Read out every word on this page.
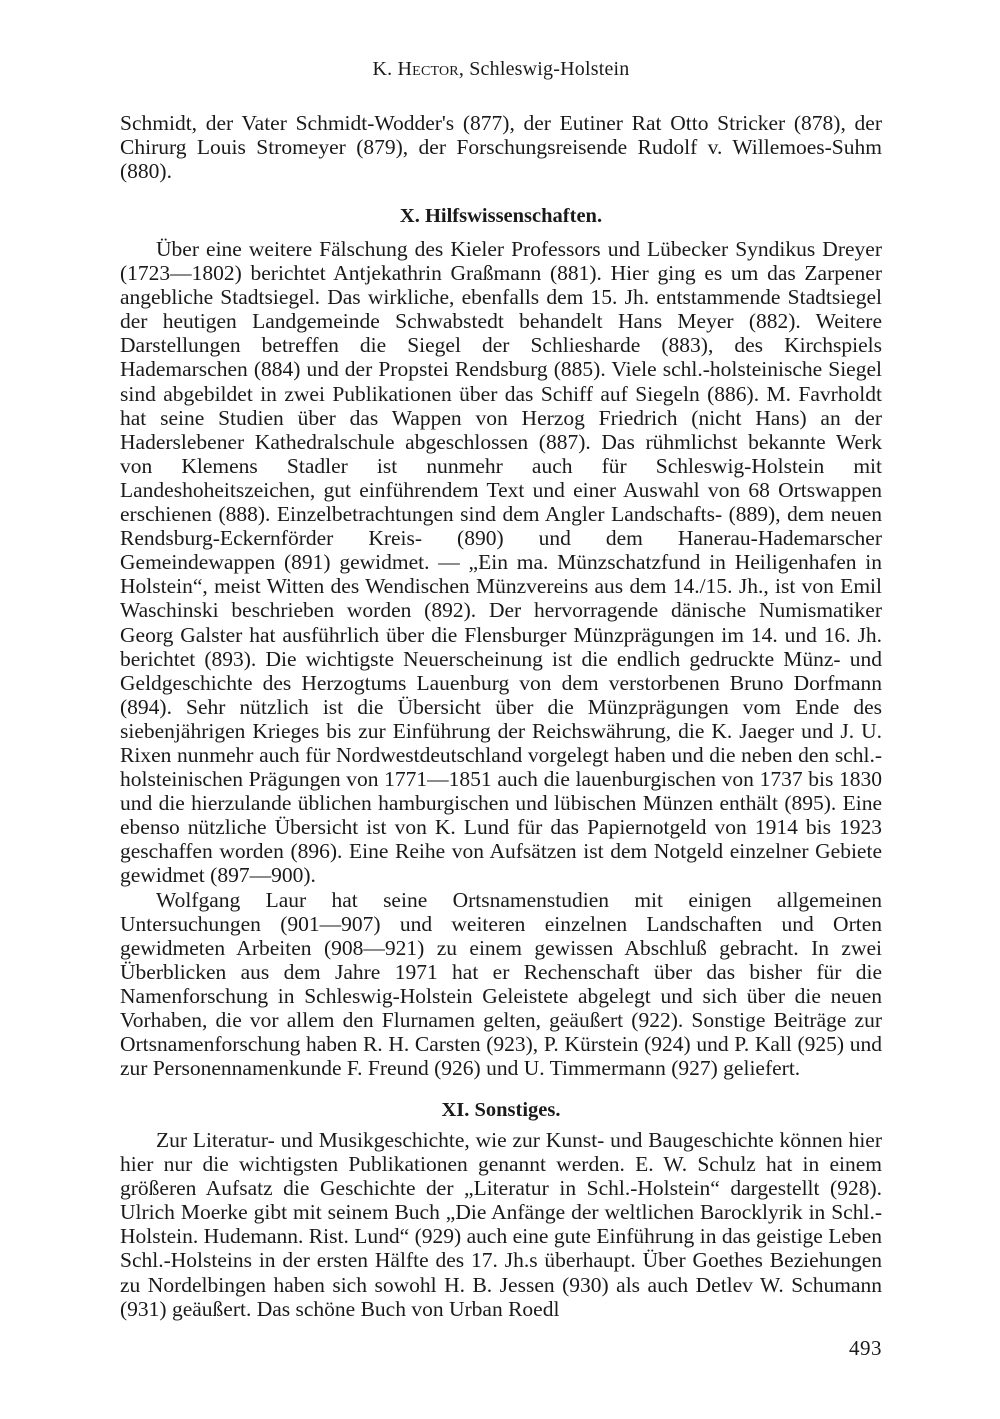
K. Hector, Schleswig-Holstein

Schmidt, der Vater Schmidt-Wodder's (877), der Eutiner Rat Otto Stricker (878), der Chirurg Louis Stromeyer (879), der Forschungsreisende Rudolf v. Willemoes-Suhm (880).

X. Hilfswissenschaften.

Über eine weitere Fälschung des Kieler Professors und Lübecker Syndikus Dreyer (1723—1802) berichtet Antjekathrin Graßmann (881). Hier ging es um das Zarpener angebliche Stadtsiegel. Das wirkliche, ebenfalls dem 15. Jh. entstammende Stadtsiegel der heutigen Landgemeinde Schwabstedt behandelt Hans Meyer (882). Weitere Darstellungen betreffen die Siegel der Schliesharde (883), des Kirchspiels Hademarschen (884) und der Propstei Rendsburg (885). Viele schl.-holsteinische Siegel sind abgebildet in zwei Publikationen über das Schiff auf Siegeln (886). M. Favrholdt hat seine Studien über das Wappen von Herzog Friedrich (nicht Hans) an der Haderslebener Kathedralschule abgeschlossen (887). Das rühmlichst bekannte Werk von Klemens Stadler ist nunmehr auch für Schleswig-Holstein mit Landeshoheitszeichen, gut einführendem Text und einer Auswahl von 68 Ortswappen erschienen (888). Einzelbetrachtungen sind dem Angler Landschafts- (889), dem neuen Rendsburg-Eckernförder Kreis- (890) und dem Hanerau-Hademarscher Gemeindewappen (891) gewidmet. — „Ein ma. Münzschatzfund in Heiligenhafen in Holstein“, meist Witten des Wendischen Münzvereins aus dem 14./15. Jh., ist von Emil Waschinski beschrieben worden (892). Der hervorragende dänische Numismatiker Georg Galster hat ausführlich über die Flensburger Münzprägungen im 14. und 16. Jh. berichtet (893). Die wichtigste Neuerscheinung ist die endlich gedruckte Münz- und Geldgeschichte des Herzogtums Lauenburg von dem verstorbenen Bruno Dorfmann (894). Sehr nützlich ist die Übersicht über die Münzprägungen vom Ende des siebenjährigen Krieges bis zur Einführung der Reichswährung, die K. Jaeger und J. U. Rixen nunmehr auch für Nordwestdeutschland vorgelegt haben und die neben den schl.-holsteinischen Prägungen von 1771—1851 auch die lauenburgischen von 1737 bis 1830 und die hierzulande üblichen hamburgischen und lübischen Münzen enthält (895). Eine ebenso nützliche Übersicht ist von K. Lund für das Papiernotgeld von 1914 bis 1923 geschaffen worden (896). Eine Reihe von Aufsätzen ist dem Notgeld einzelner Gebiete gewidmet (897—900).

Wolfgang Laur hat seine Ortsnamenstudien mit einigen allgemeinen Untersuchungen (901—907) und weiteren einzelnen Landschaften und Orten gewidmeten Arbeiten (908—921) zu einem gewissen Abschluß gebracht. In zwei Überblicken aus dem Jahre 1971 hat er Rechenschaft über das bisher für die Namenforschung in Schleswig-Holstein Geleistete abgelegt und sich über die neuen Vorhaben, die vor allem den Flurnamen gelten, geäußert (922). Sonstige Beiträge zur Ortsnamenforschung haben R. H. Carsten (923), P. Kürstein (924) und P. Kall (925) und zur Personennamenkunde F. Freund (926) und U. Timmermann (927) geliefert.

XI. Sonstiges.

Zur Literatur- und Musikgeschichte, wie zur Kunst- und Baugeschichte können hier hier nur die wichtigsten Publikationen genannt werden. E. W. Schulz hat in einem größeren Aufsatz die Geschichte der „Literatur in Schl.-Holstein“ dargestellt (928). Ulrich Moerke gibt mit seinem Buch „Die Anfänge der weltlichen Barocklyrik in Schl.-Holstein. Hudemann. Rist. Lund“ (929) auch eine gute Einführung in das geistige Leben Schl.-Holsteins in der ersten Hälfte des 17. Jh.s überhaupt. Über Goethes Beziehungen zu Nordelbingen haben sich sowohl H. B. Jessen (930) als auch Detlev W. Schumann (931) geäußert. Das schöne Buch von Urban Roedl

493
